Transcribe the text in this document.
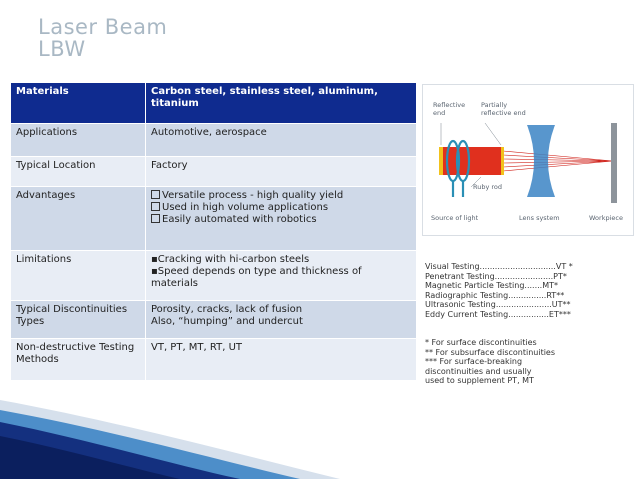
Laser Beam
LBW
Materials	Carbon steel, stainless steel, aluminum, titanium
Applications	Automotive, aerospace
Typical Location	Factory
Advantages	Versatile process - high quality yield
Used in high volume applications
Easily automated with robotics

Limitations	▪Cracking with hi-carbon steels
▪Speed depends on type and thickness of materials

Typical Discontinuities Types	Porosity, cracks, lack of fusion
Also, “humping” and undercut

Non-destructive Testing Methods	VT, PT, MT, RT, UT
Reflective
end
Partially
reflective end
Ruby rod
Source of light	Lens system	Workpiece
Visual Testing..............................VT *
Penetrant Testing.......................PT*
Magnetic Particle Testing.......MT*
Radiographic Testing...............RT**
Ultrasonic Testing......................UT**
Eddy Current Testing................ET***
* For surface discontinuities
** For subsurface discontinuities
*** For surface-breaking
discontinuities and usually
used to supplement PT, MT
